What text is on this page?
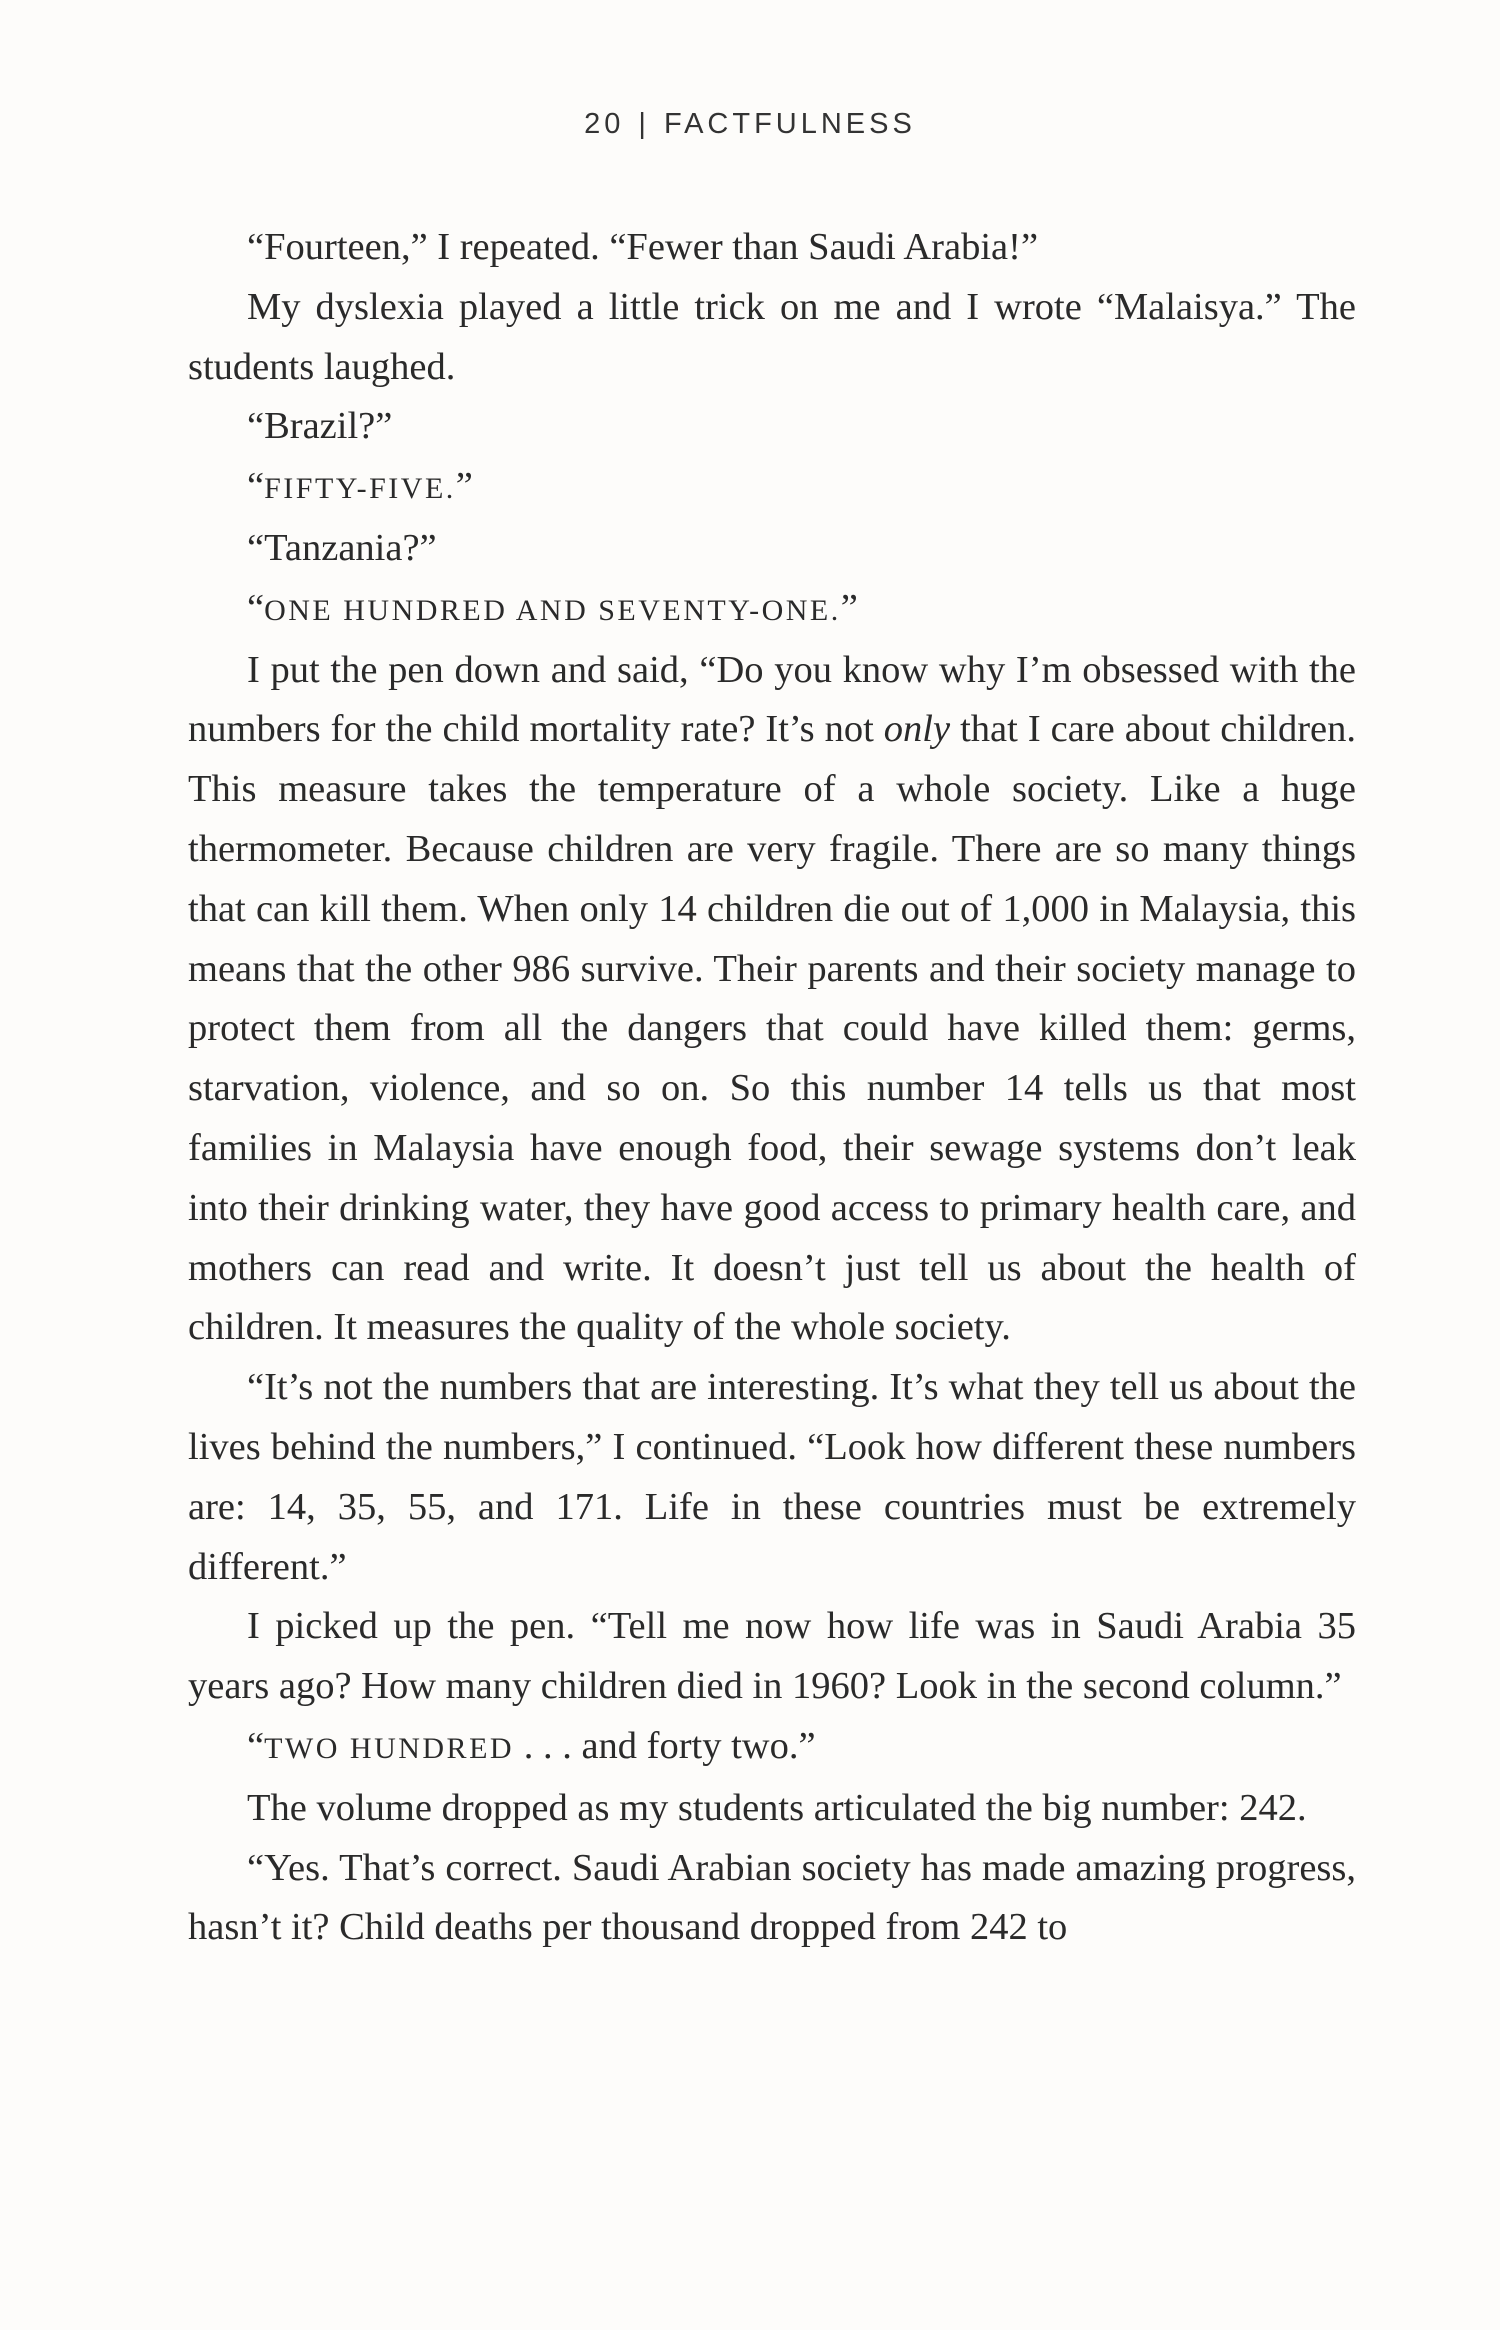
20 | FACTFULNESS

“Fourteen,” I repeated. “Fewer than Saudi Arabia!”

My dyslexia played a little trick on me and I wrote “Malaisya.” The students laughed.

“Brazil?”

“FIFTY-FIVE.”

“Tanzania?”

“ONE HUNDRED AND SEVENTY-ONE.”

I put the pen down and said, “Do you know why I’m obsessed with the numbers for the child mortality rate? It’s not only that I care about children. This measure takes the temperature of a whole society. Like a huge thermometer. Because children are very fragile. There are so many things that can kill them. When only 14 children die out of 1,000 in Malaysia, this means that the other 986 survive. Their parents and their society manage to protect them from all the dangers that could have killed them: germs, starvation, violence, and so on. So this number 14 tells us that most families in Malaysia have enough food, their sewage systems don’t leak into their drinking water, they have good access to primary health care, and mothers can read and write. It doesn’t just tell us about the health of children. It measures the quality of the whole society.

“It’s not the numbers that are interesting. It’s what they tell us about the lives behind the numbers,” I continued. “Look how different these numbers are: 14, 35, 55, and 171. Life in these countries must be extremely different.”

I picked up the pen. “Tell me now how life was in Saudi Arabia 35 years ago? How many children died in 1960? Look in the second column.”

“TWO HUNDRED . . . and forty two.”

The volume dropped as my students articulated the big number: 242.

“Yes. That’s correct. Saudi Arabian society has made amazing progress, hasn’t it? Child deaths per thousand dropped from 242 to
